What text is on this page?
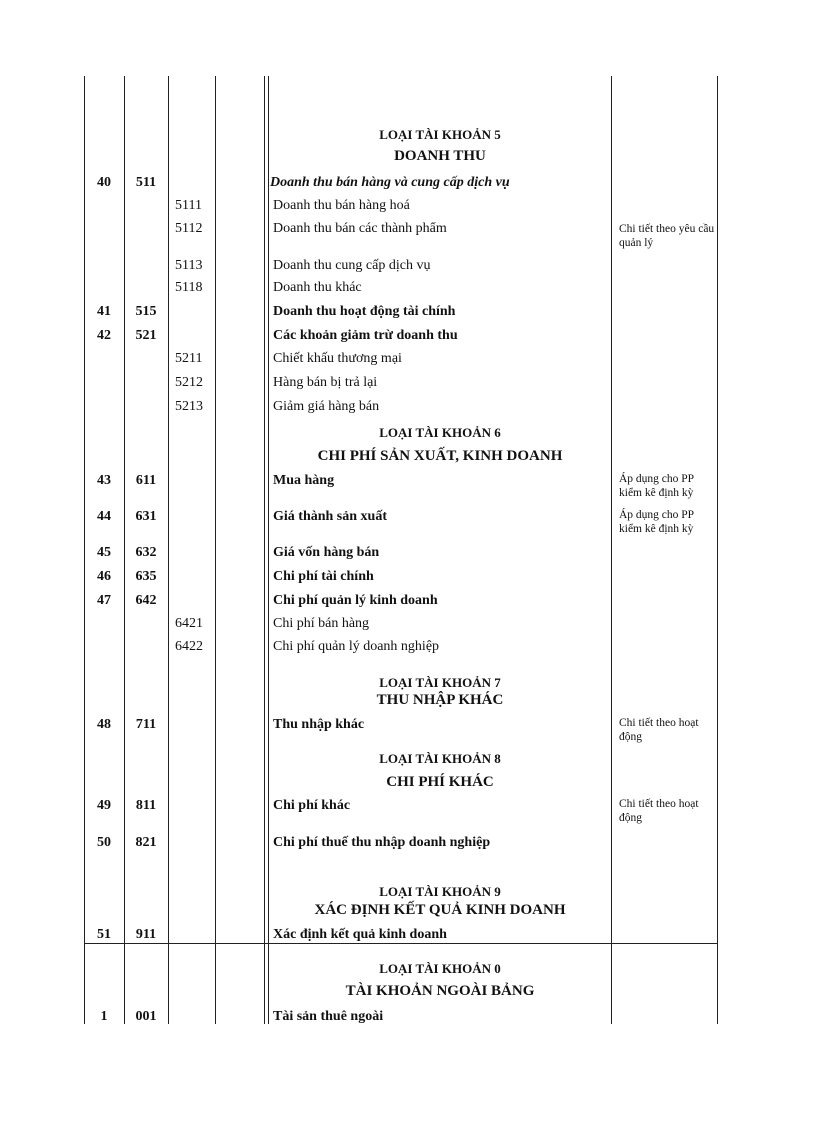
LOẠI TÀI KHOẢN 5
DOANH THU
40	511	Doanh thu bán hàng và cung cấp dịch vụ
5111	Doanh thu bán hàng hoá
5112	Doanh thu bán các thành phẩm	Chi tiết theo yêu cầu quản lý
5113	Doanh thu cung cấp dịch vụ
5118	Doanh thu khác
41	515	Doanh thu hoạt động tài chính
42	521	Các khoản giảm trừ doanh thu
5211	Chiết khấu thương mại
5212	Hàng bán bị trả lại
5213	Giảm giá hàng bán
LOẠI TÀI KHOẢN 6
CHI PHÍ SẢN XUẤT, KINH DOANH
43	611	Mua hàng	Áp dụng cho PP kiểm kê định kỳ
44	631	Giá thành sản xuất	Áp dụng cho PP kiểm kê định kỳ
45	632	Giá vốn hàng bán
46	635	Chi phí tài chính
47	642	Chi phí quản lý kinh doanh
6421	Chi phí bán hàng
6422	Chi phí quản lý doanh nghiệp
LOẠI TÀI KHOẢN 7
THU NHẬP KHÁC
48	711	Thu nhập khác	Chi tiết theo hoạt động
LOẠI TÀI KHOẢN 8
CHI PHÍ KHÁC
49	811	Chi phí khác	Chi tiết theo hoạt động
50	821	Chi phí thuế thu nhập doanh nghiệp
LOẠI TÀI KHOẢN 9
XÁC ĐỊNH KẾT QUẢ KINH DOANH
51	911	Xác định kết quả kinh doanh
LOẠI TÀI KHOẢN 0
TÀI KHOẢN NGOÀI BẢNG
1	001	Tài sản thuê ngoài
